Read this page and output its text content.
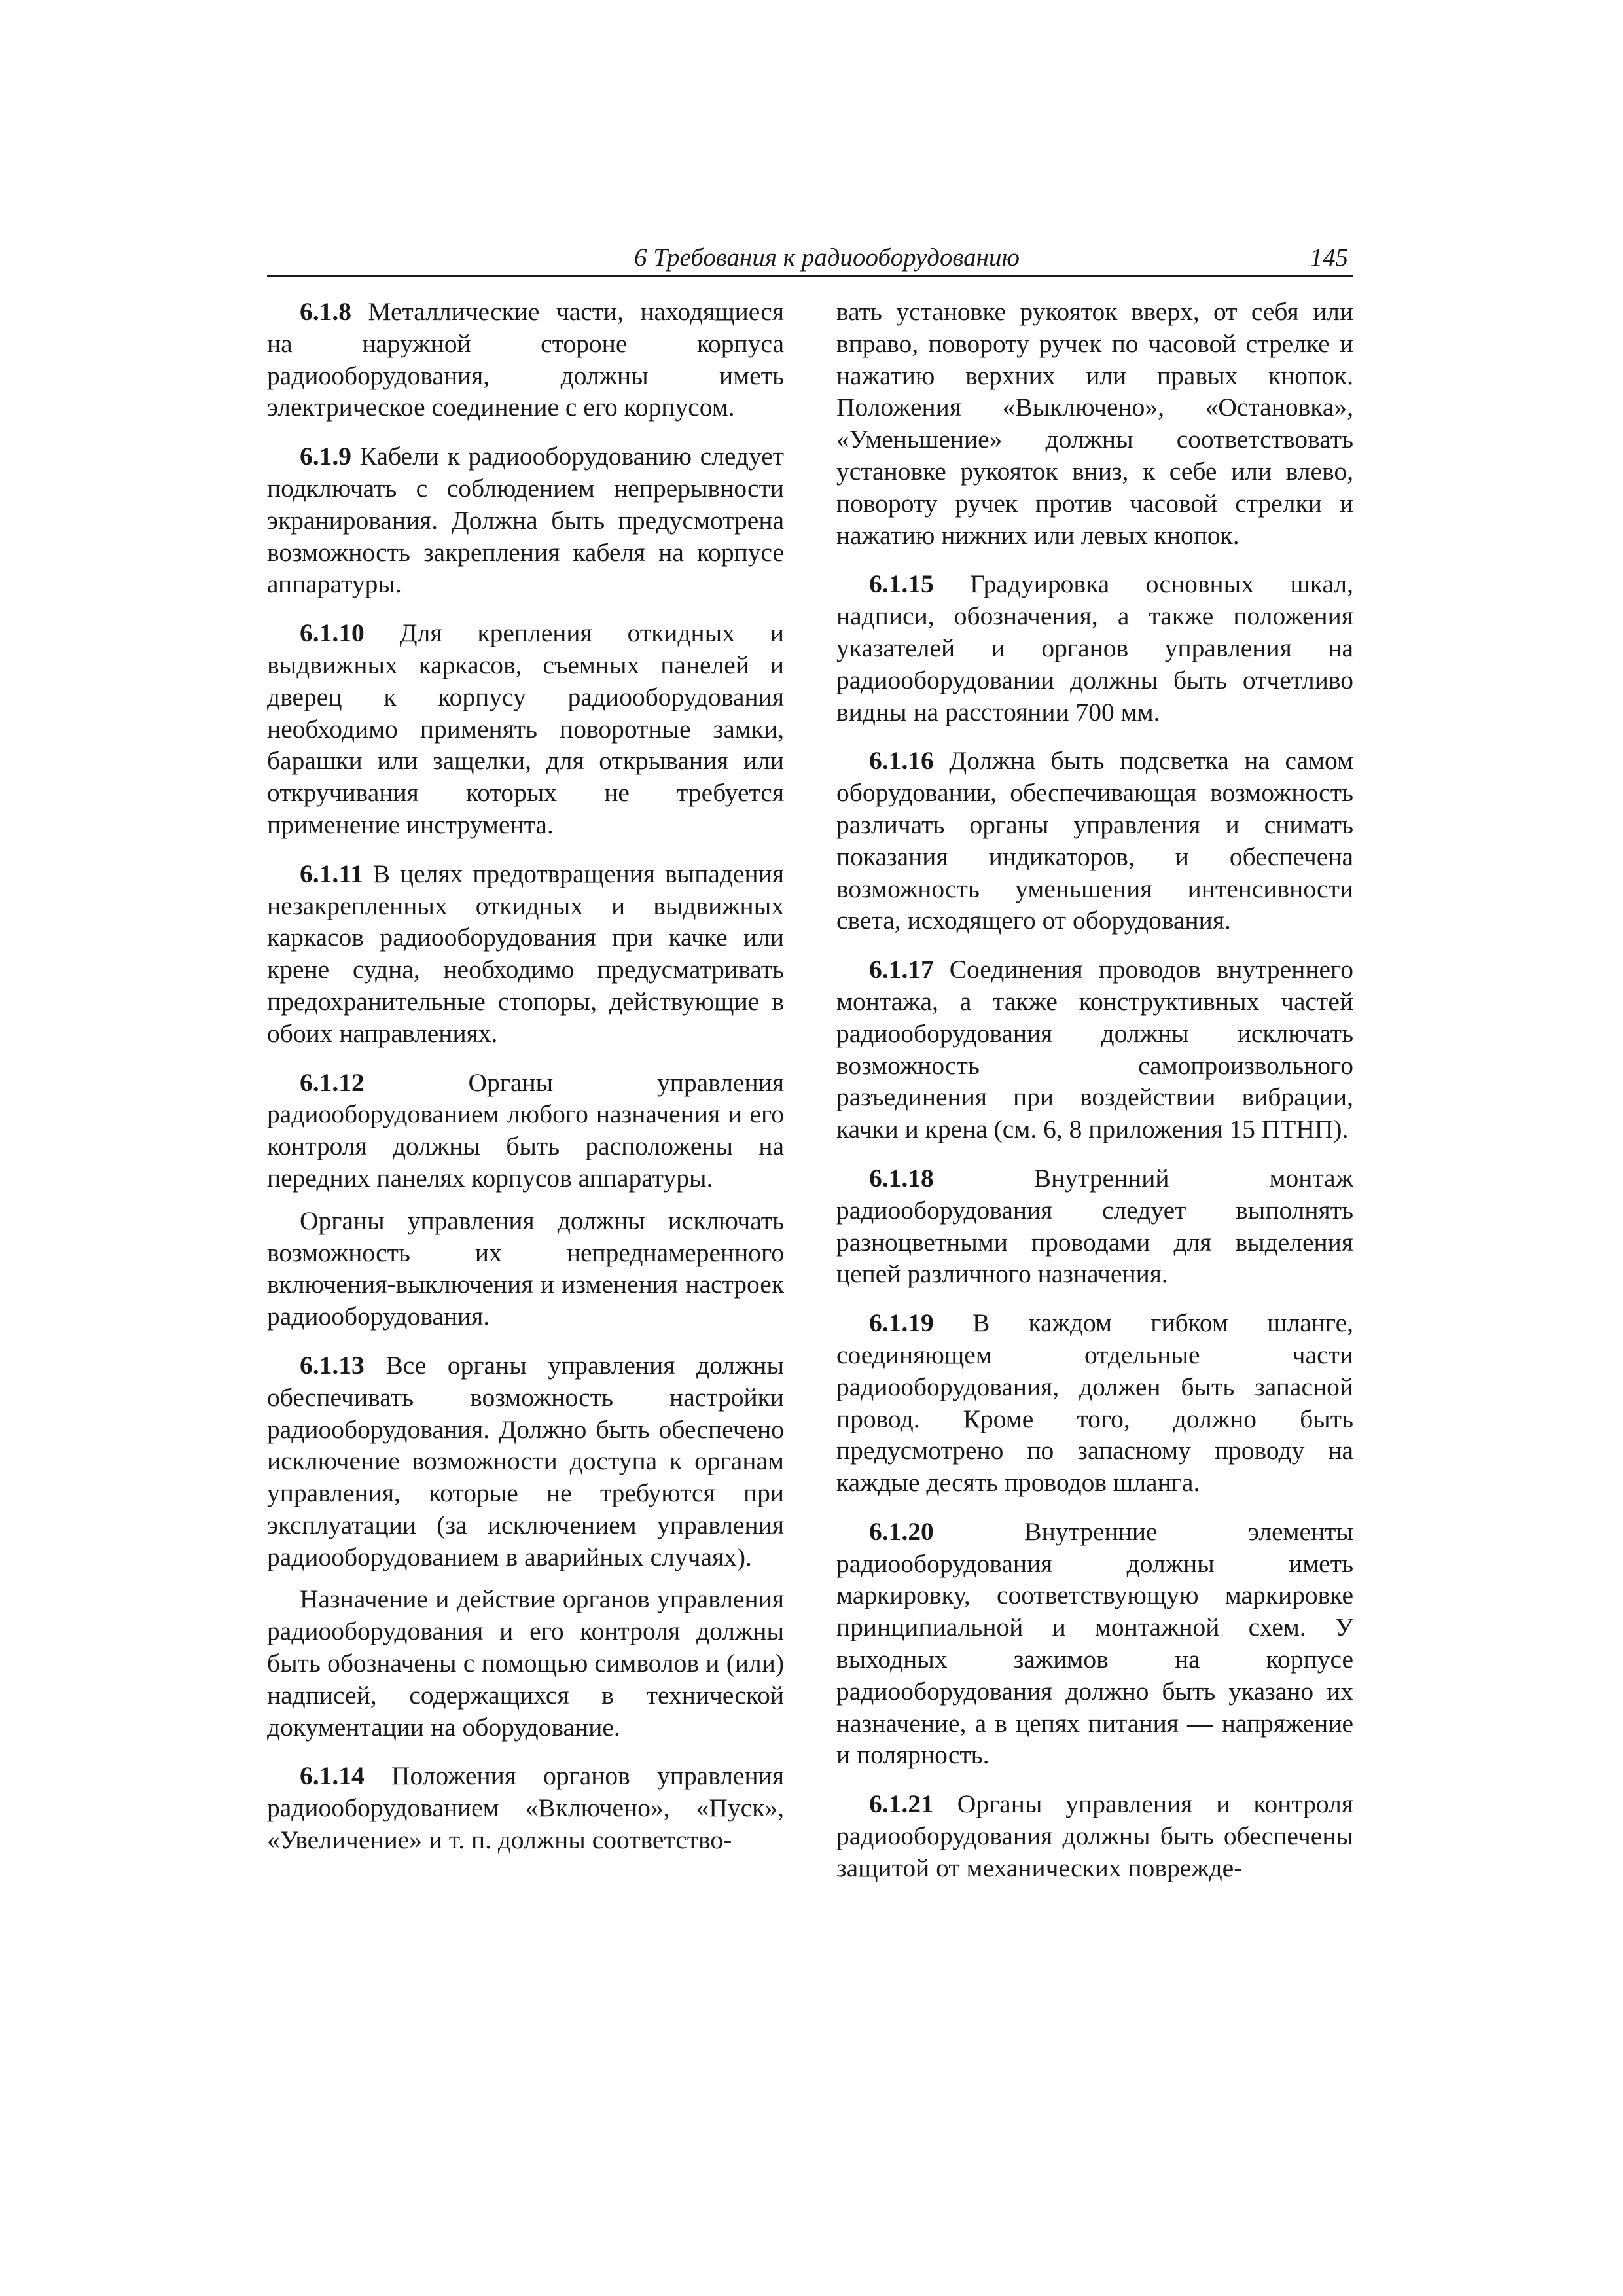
6 Требования к радиооборудованию	145

6.1.8 Металлические части, находящиеся на наружной стороне корпуса радиооборудования, должны иметь электрическое соединение с его корпусом.

6.1.9 Кабели к радиооборудованию следует подключать с соблюдением непрерывности экранирования. Должна быть предусмотрена возможность закрепления кабеля на корпусе аппаратуры.

6.1.10 Для крепления откидных и выдвижных каркасов, съемных панелей и дверец к корпусу радиооборудования необходимо применять поворотные замки, барашки или защелки, для открывания или откручивания которых не требуется применение инструмента.

6.1.11 В целях предотвращения выпадения незакрепленных откидных и выдвижных каркасов радиооборудования при качке или крене судна, необходимо предусматривать предохранительные стопоры, действующие в обоих направлениях.

6.1.12 Органы управления радиооборудованием любого назначения и его контроля должны быть расположены на передних панелях корпусов аппаратуры.

Органы управления должны исключать возможность их непреднамеренного включения-выключения и изменения настроек радиооборудования.

6.1.13 Все органы управления должны обеспечивать возможность настройки радиооборудования. Должно быть обеспечено исключение возможности доступа к органам управления, которые не требуются при эксплуатации (за исключением управления радиооборудованием в аварийных случаях).

Назначение и действие органов управления радиооборудования и его контроля должны быть обозначены с помощью символов и (или) надписей, содержащихся в технической документации на оборудование.

6.1.14 Положения органов управления радиооборудованием «Включено», «Пуск», «Увеличение» и т. п. должны соответство-

вать установке рукояток вверх, от себя или вправо, повороту ручек по часовой стрелке и нажатию верхних или правых кнопок. Положения «Выключено», «Остановка», «Уменьшение» должны соответствовать установке рукояток вниз, к себе или влево, повороту ручек против часовой стрелки и нажатию нижних или левых кнопок.

6.1.15 Градуировка основных шкал, надписи, обозначения, а также положения указателей и органов управления на радиооборудовании должны быть отчетливо видны на расстоянии 700 мм.

6.1.16 Должна быть подсветка на самом оборудовании, обеспечивающая возможность различать органы управления и снимать показания индикаторов, и обеспечена возможность уменьшения интенсивности света, исходящего от оборудования.

6.1.17 Соединения проводов внутреннего монтажа, а также конструктивных частей радиооборудования должны исключать возможность самопроизвольного разъединения при воздействии вибрации, качки и крена (см. 6, 8 приложения 15 ПТНП).

6.1.18 Внутренний монтаж радиооборудования следует выполнять разноцветными проводами для выделения цепей различного назначения.

6.1.19 В каждом гибком шланге, соединяющем отдельные части радиооборудования, должен быть запасной провод. Кроме того, должно быть предусмотрено по запасному проводу на каждые десять проводов шланга.

6.1.20 Внутренние элементы радиооборудования должны иметь маркировку, соответствующую маркировке принципиальной и монтажной схем. У выходных зажимов на корпусе радиооборудования должно быть указано их назначение, а в цепях питания — напряжение и полярность.

6.1.21 Органы управления и контроля радиооборудования должны быть обеспечены защитой от механических поврежде-
